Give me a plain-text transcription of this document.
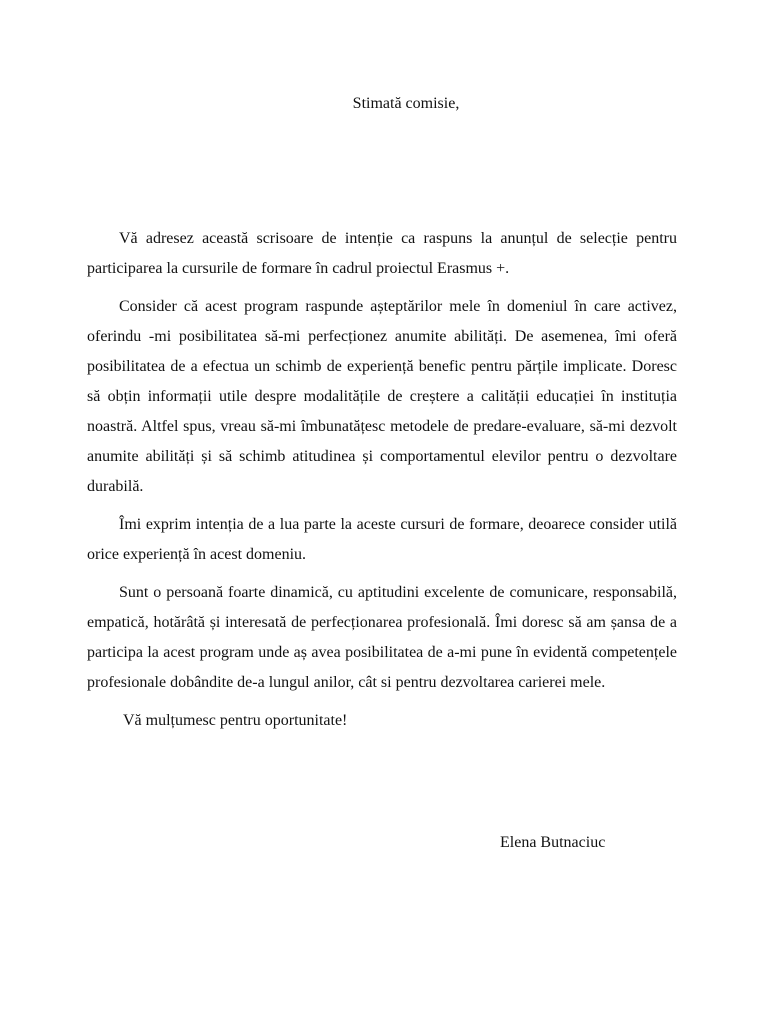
Stimată comisie,

Vă adresez această scrisoare de intenție ca raspuns la anunțul de selecție pentru participarea la cursurile de formare în cadrul proiectul Erasmus +.

Consider că acest program raspunde așteptărilor mele în domeniul în care activez, oferindu -mi posibilitatea să-mi perfecționez anumite abilități. De asemenea, îmi oferă posibilitatea de a efectua un schimb de experiență benefic pentru părțile implicate. Doresc să obțin informații utile despre modalitățile de creștere a calității educației în instituția noastră. Altfel spus, vreau să-mi îmbunatățesc metodele de predare-evaluare, să-mi dezvolt anumite abilități și să schimb atitudinea și comportamentul elevilor pentru o dezvoltare durabilă.

Îmi exprim intenția de a lua parte la aceste cursuri de formare, deoarece consider utilă orice experiență în acest domeniu.

Sunt o persoană foarte dinamică, cu aptitudini excelente de comunicare, responsabilă, empatică, hotărâtă și interesată de perfecționarea profesională. Îmi doresc să am șansa de a participa la acest program unde aș avea posibilitatea de a-mi pune în evidentă competențele profesionale dobândite de-a lungul anilor, cât si pentru dezvoltarea carierei mele.

Vă mulțumesc pentru oportunitate!

Elena Butnaciuc
